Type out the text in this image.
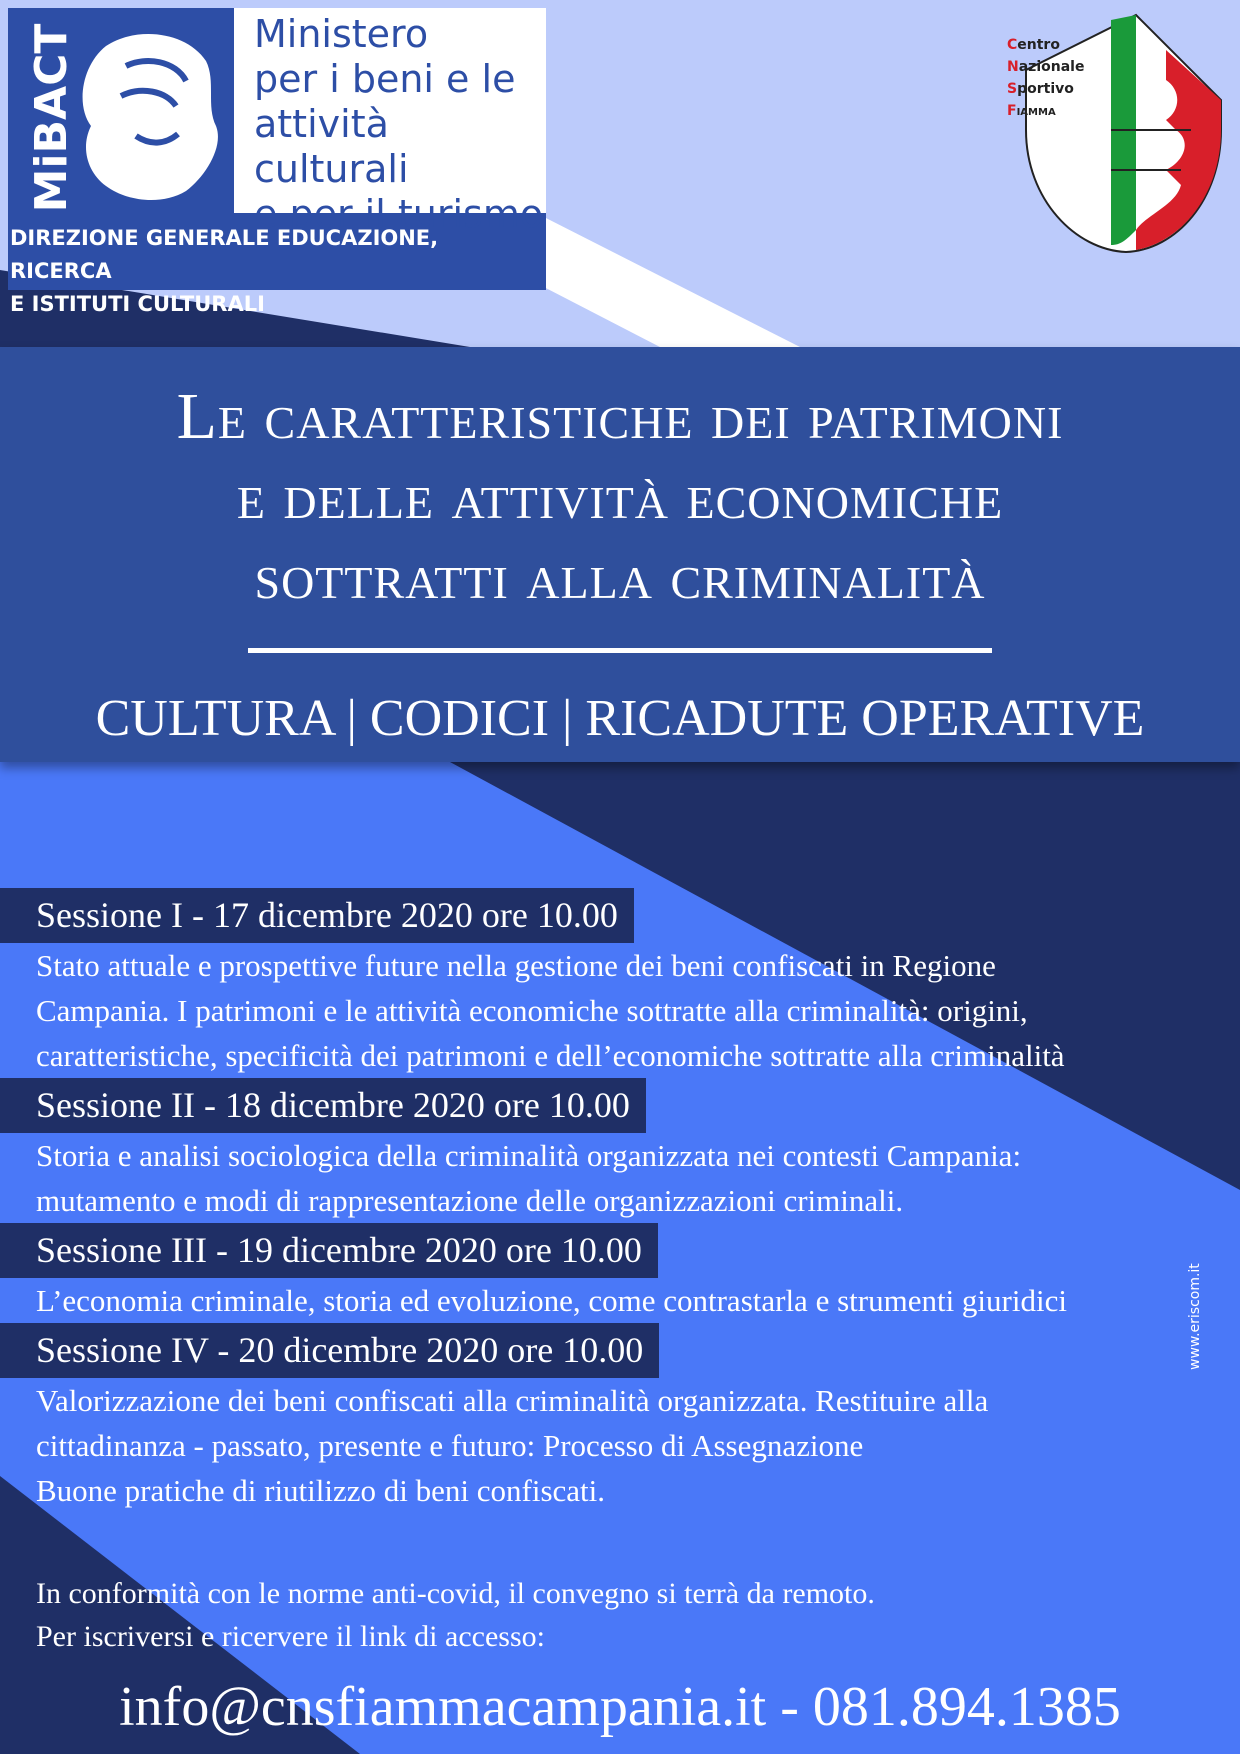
MiBACT	Ministero
per i beni e le
attività culturali
e per il turismo

DIREZIONE GENERALE EDUCAZIONE, RICERCA
E ISTITUTI CULTURALI

Centro
Nazionale
Sportivo
Fiamma

Le caratteristiche dei patrimoni
e delle attività economiche
sottratti alla criminalità

CULTURA | CODICI | RICADUTE OPERATIVE

Sessione I - 17 dicembre 2020 ore 10.00

Stato attuale e prospettive future nella gestione dei beni confiscati in Regione
Campania. I patrimoni e le attività economiche sottratte alla criminalità: origini,
caratteristiche, specificità dei patrimoni e dell’economiche sottratte alla criminalità

Sessione II - 18 dicembre 2020 ore 10.00

Storia e analisi sociologica della criminalità organizzata nei contesti Campania:
mutamento e modi di rappresentazione delle organizzazioni criminali.

Sessione III - 19 dicembre 2020 ore 10.00

L’economia criminale, storia ed evoluzione, come contrastarla e strumenti giuridici

Sessione IV - 20 dicembre 2020 ore 10.00

Valorizzazione dei beni confiscati alla criminalità organizzata. Restituire alla
cittadinanza - passato, presente e futuro: Processo di Assegnazione
Buone pratiche di riutilizzo di beni confiscati.

In conformità con le norme anti-covid, il convegno si terrà da remoto.
Per iscriversi e ricervere il link di accesso:

info@cnsfiammacampania.it - 081.894.1385

www.eriscom.it
